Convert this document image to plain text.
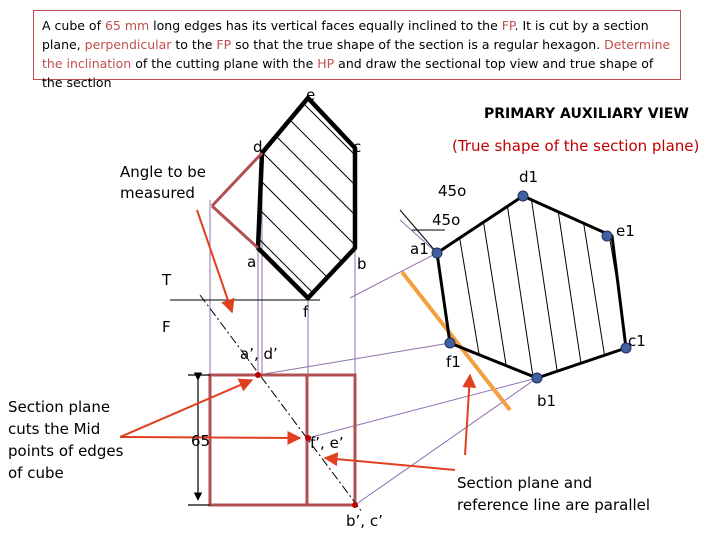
A cube of 65 mm long edges has its vertical faces equally inclined to the FP. It is cut by a section plane, perpendicular to the FP so that the true shape of the section is a regular hexagon. Determine the inclination of the cutting plane with the HP and draw the sectional top view and true shape of the section
PRIMARY AUXILIARY VIEW
(True shape of the section plane)
Angle to be
measured
Section plane
cuts the Mid
points of edges
of cube
Section plane and
reference line are parallel
e
d	c
a	b
f
T
F
a’, d’
f’, e’
b’, c’
65
45o
45o
a1
b1
c1
d1
e1
f1
